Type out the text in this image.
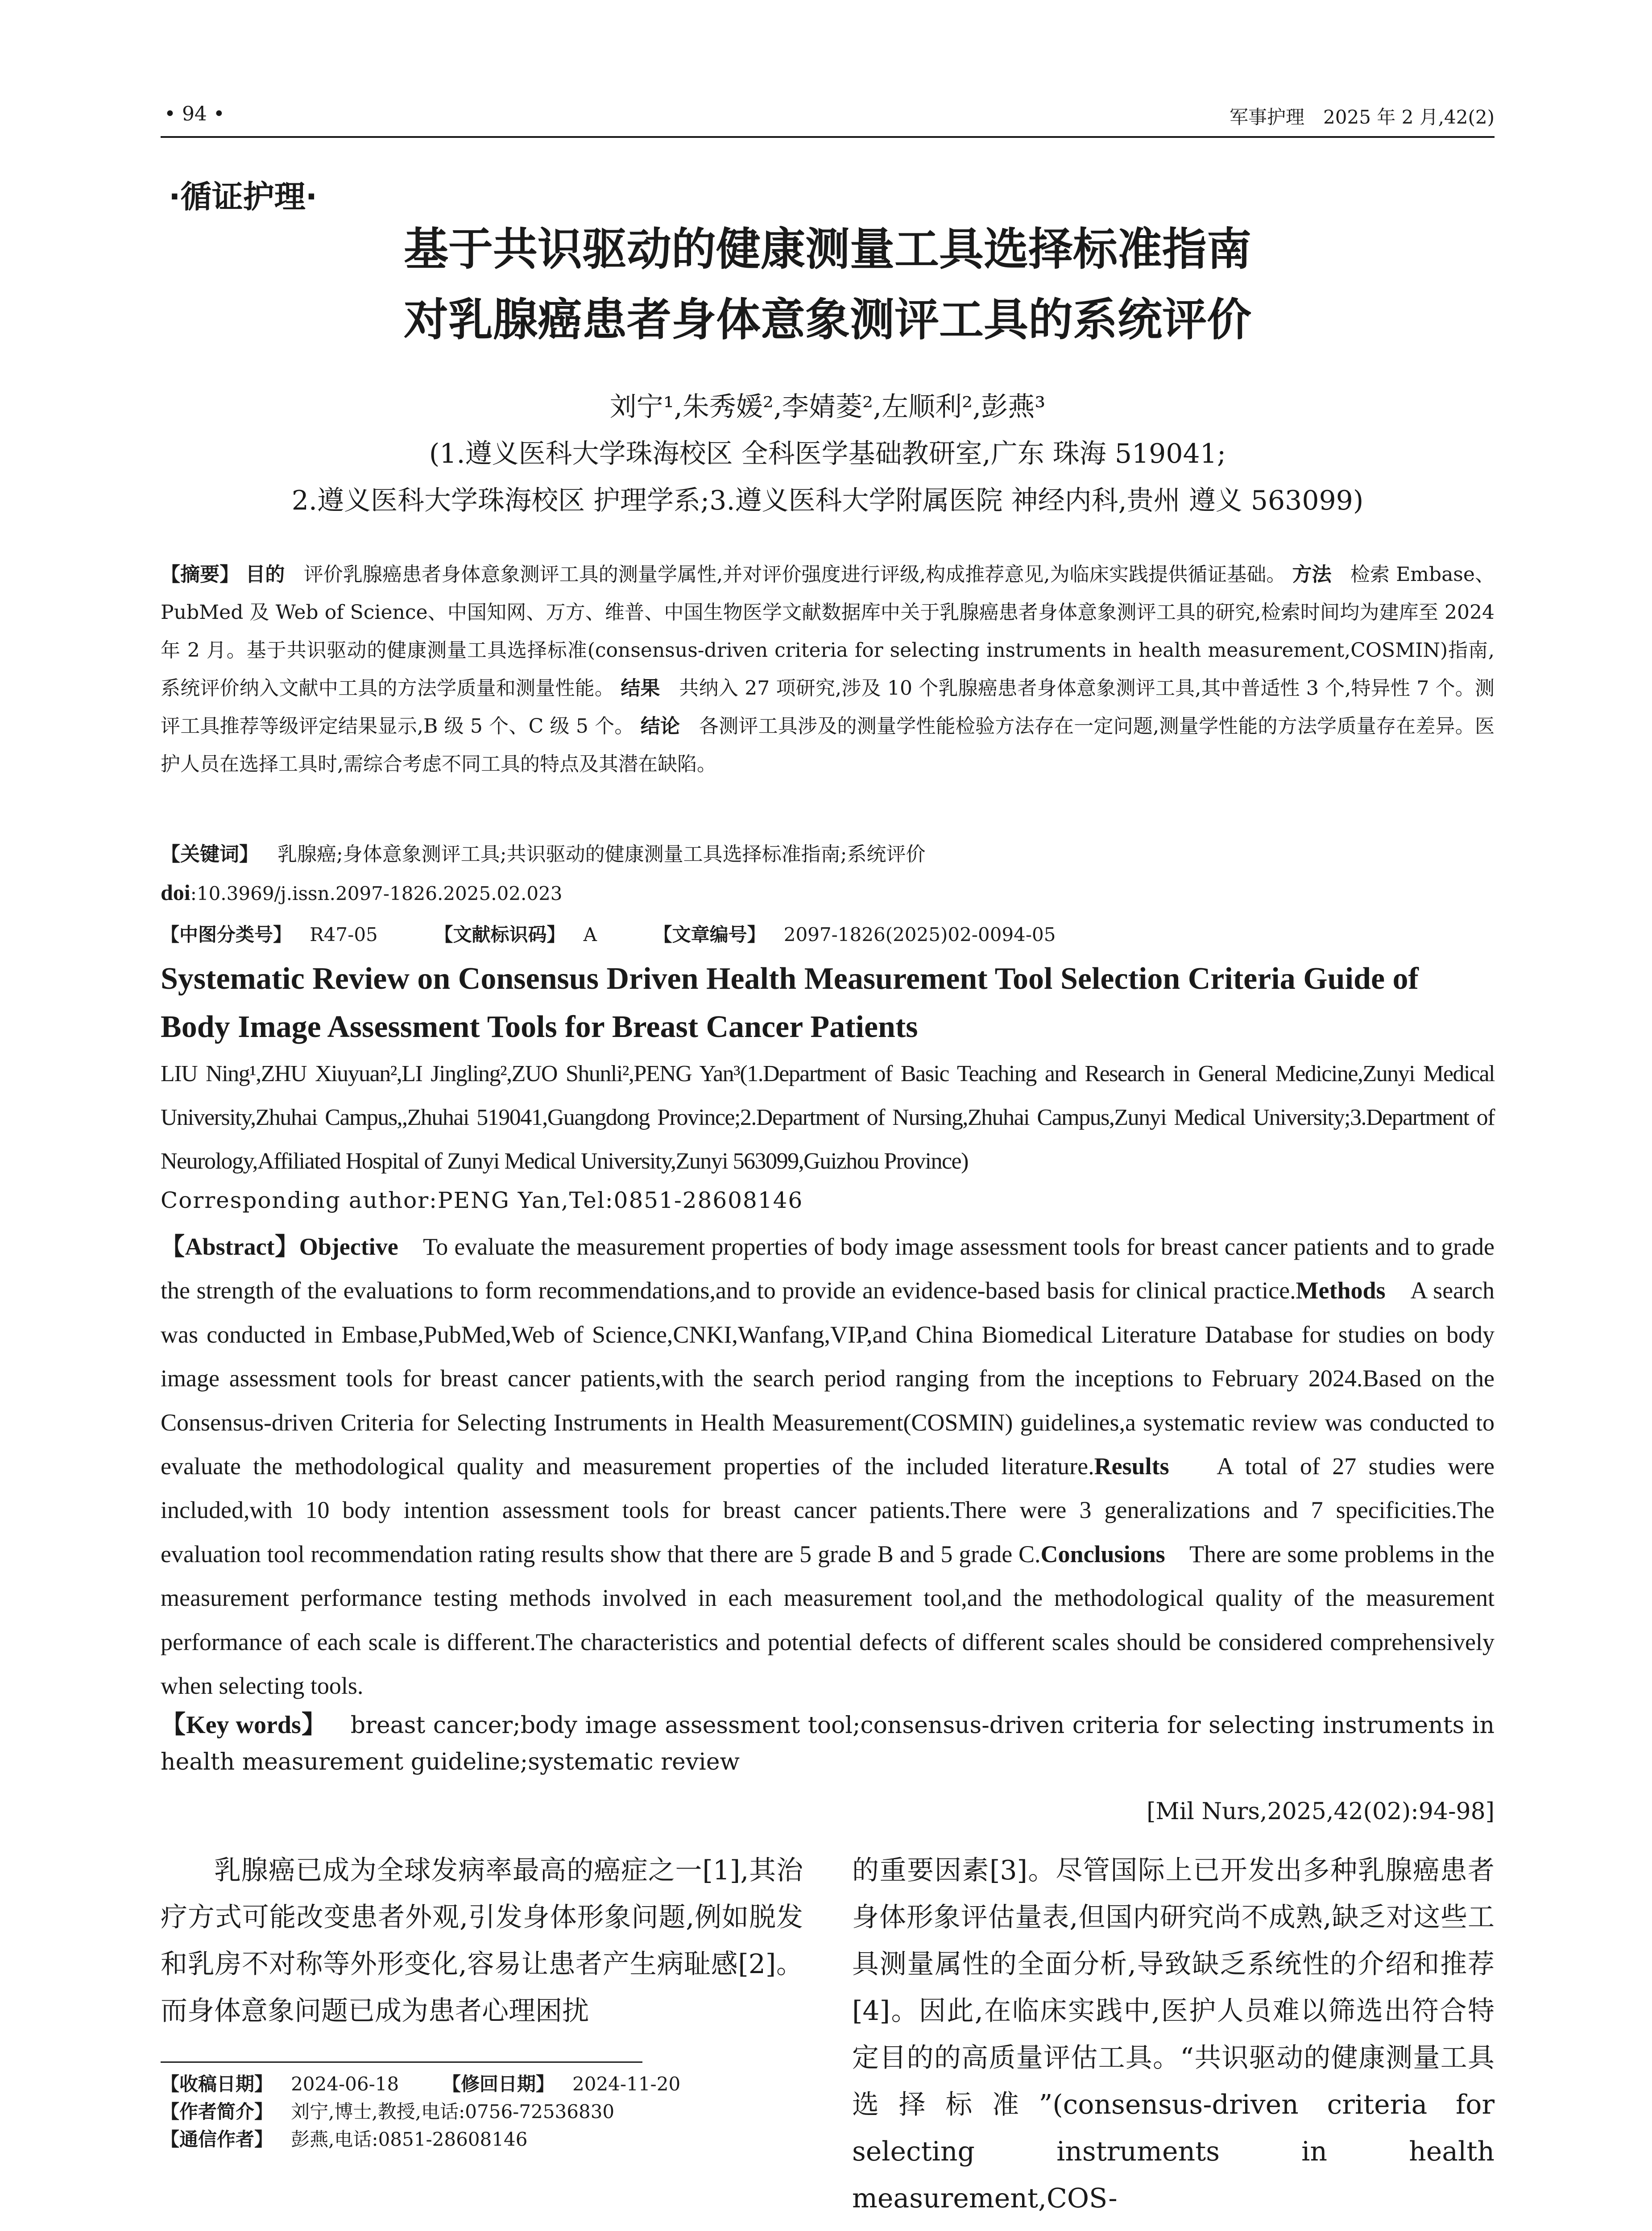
• 94 •	军事护理　2025 年 2 月,42(2)
·循证护理·
基于共识驱动的健康测量工具选择标准指南
对乳腺癌患者身体意象测评工具的系统评价
刘宁¹,朱秀媛²,李婧菱²,左顺利²,彭燕³
(1.遵义医科大学珠海校区 全科医学基础教研室,广东 珠海 519041;
2.遵义医科大学珠海校区 护理学系;3.遵义医科大学附属医院 神经内科,贵州 遵义 563099)
【摘要】 目的 评价乳腺癌患者身体意象测评工具的测量学属性,并对评价强度进行评级,构成推荐意见,为临床实践提供循证基础。 方法 检索 Embase、PubMed 及 Web of Science、中国知网、万方、维普、中国生物医学文献数据库中关于乳腺癌患者身体意象测评工具的研究,检索时间均为建库至 2024 年 2 月。基于共识驱动的健康测量工具选择标准(consensus-driven criteria for selecting instruments in health measurement,COSMIN)指南,系统评价纳入文献中工具的方法学质量和测量性能。 结果 共纳入 27 项研究,涉及 10 个乳腺癌患者身体意象测评工具,其中普适性 3 个,特异性 7 个。测评工具推荐等级评定结果显示,B 级 5 个、C 级 5 个。 结论 各测评工具涉及的测量学性能检验方法存在一定问题,测量学性能的方法学质量存在差异。医护人员在选择工具时,需综合考虑不同工具的特点及其潜在缺陷。
【关键词】 乳腺癌;身体意象测评工具;共识驱动的健康测量工具选择标准指南;系统评价
doi:10.3969/j.issn.2097-1826.2025.02.023
【中图分类号】 R47-05	【文献标识码】 A	【文章编号】 2097-1826(2025)02-0094-05
Systematic Review on Consensus Driven Health Measurement Tool Selection Criteria Guide of
Body Image Assessment Tools for Breast Cancer Patients
LIU Ning¹,ZHU Xiuyuan²,LI Jingling²,ZUO Shunli²,PENG Yan³(1.Department of Basic Teaching and Research in General Medicine,Zunyi Medical University,Zhuhai Campus,,Zhuhai 519041,Guangdong Province;2.Department of Nursing,Zhuhai Campus,Zunyi Medical University;3.Department of Neurology,Affiliated Hospital of Zunyi Medical University,Zunyi 563099,Guizhou Province)
Corresponding author:PENG Yan,Tel:0851-28608146
【Abstract】Objective To evaluate the measurement properties of body image assessment tools for breast cancer patients and to grade the strength of the evaluations to form recommendations,and to provide an evidence-based basis for clinical practice.Methods A search was conducted in Embase,PubMed,Web of Science,CNKI,Wanfang,VIP,and China Biomedical Literature Database for studies on body image assessment tools for breast cancer patients,with the search period ranging from the inceptions to February 2024.Based on the Consensus-driven Criteria for Selecting Instruments in Health Measurement(COSMIN) guidelines,a systematic review was conducted to evaluate the methodological quality and measurement properties of the included literature.Results A total of 27 studies were included,with 10 body intention assessment tools for breast cancer patients.There were 3 generalizations and 7 specificities.The evaluation tool recommendation rating results show that there are 5 grade B and 5 grade C.Conclusions There are some problems in the measurement performance testing methods involved in each measurement tool,and the methodological quality of the measurement performance of each scale is different.The characteristics and potential defects of different scales should be considered comprehensively when selecting tools.
【Key words】 breast cancer;body image assessment tool;consensus-driven criteria for selecting instruments in health measurement guideline;systematic review
[Mil Nurs,2025,42(02):94-98]
乳腺癌已成为全球发病率最高的癌症之一[1],其治疗方式可能改变患者外观,引发身体形象问题,例如脱发和乳房不对称等外形变化,容易让患者产生病耻感[2]。而身体意象问题已成为患者心理困扰
的重要因素[3]。尽管国际上已开发出多种乳腺癌患者身体形象评估量表,但国内研究尚不成熟,缺乏对这些工具测量属性的全面分析,导致缺乏系统性的介绍和推荐[4]。因此,在临床实践中,医护人员难以筛选出符合特定目的的高质量评估工具。“共识驱动的健康测量工具选择标准”(consensus-driven criteria for selecting instruments in health measurement,COS-
【收稿日期】 2024-06-18 【修回日期】 2024-11-20
【作者简介】 刘宁,博士,教授,电话:0756-72536830
【通信作者】 彭燕,电话:0851-28608146
